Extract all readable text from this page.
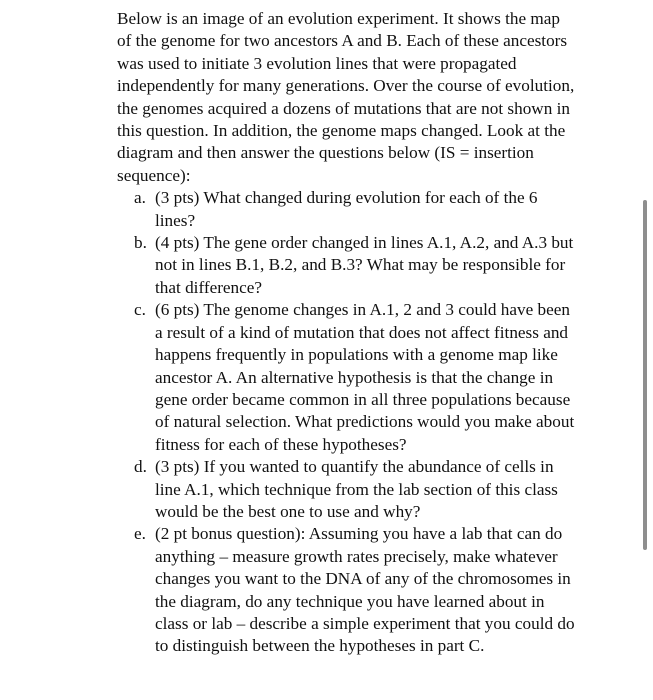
Below is an image of an evolution experiment. It shows the map of the genome for two ancestors A and B. Each of these ancestors was used to initiate 3 evolution lines that were propagated independently for many generations. Over the course of evolution, the genomes acquired a dozens of mutations that are not shown in this question. In addition, the genome maps changed. Look at the diagram and then answer the questions below (IS = insertion sequence):

a. (3 pts) What changed during evolution for each of the 6 lines?
b. (4 pts) The gene order changed in lines A.1, A.2, and A.3 but not in lines B.1, B.2, and B.3? What may be responsible for that difference?
c. (6 pts) The genome changes in A.1, 2 and 3 could have been a result of a kind of mutation that does not affect fitness and happens frequently in populations with a genome map like ancestor A. An alternative hypothesis is that the change in gene order became common in all three populations because of natural selection. What predictions would you make about fitness for each of these hypotheses?
d. (3 pts) If you wanted to quantify the abundance of cells in line A.1, which technique from the lab section of this class would be the best one to use and why?
e. (2 pt bonus question): Assuming you have a lab that can do anything – measure growth rates precisely, make whatever changes you want to the DNA of any of the chromosomes in the diagram, do any technique you have learned about in class or lab – describe a simple experiment that you could do to distinguish between the hypotheses in part C.
